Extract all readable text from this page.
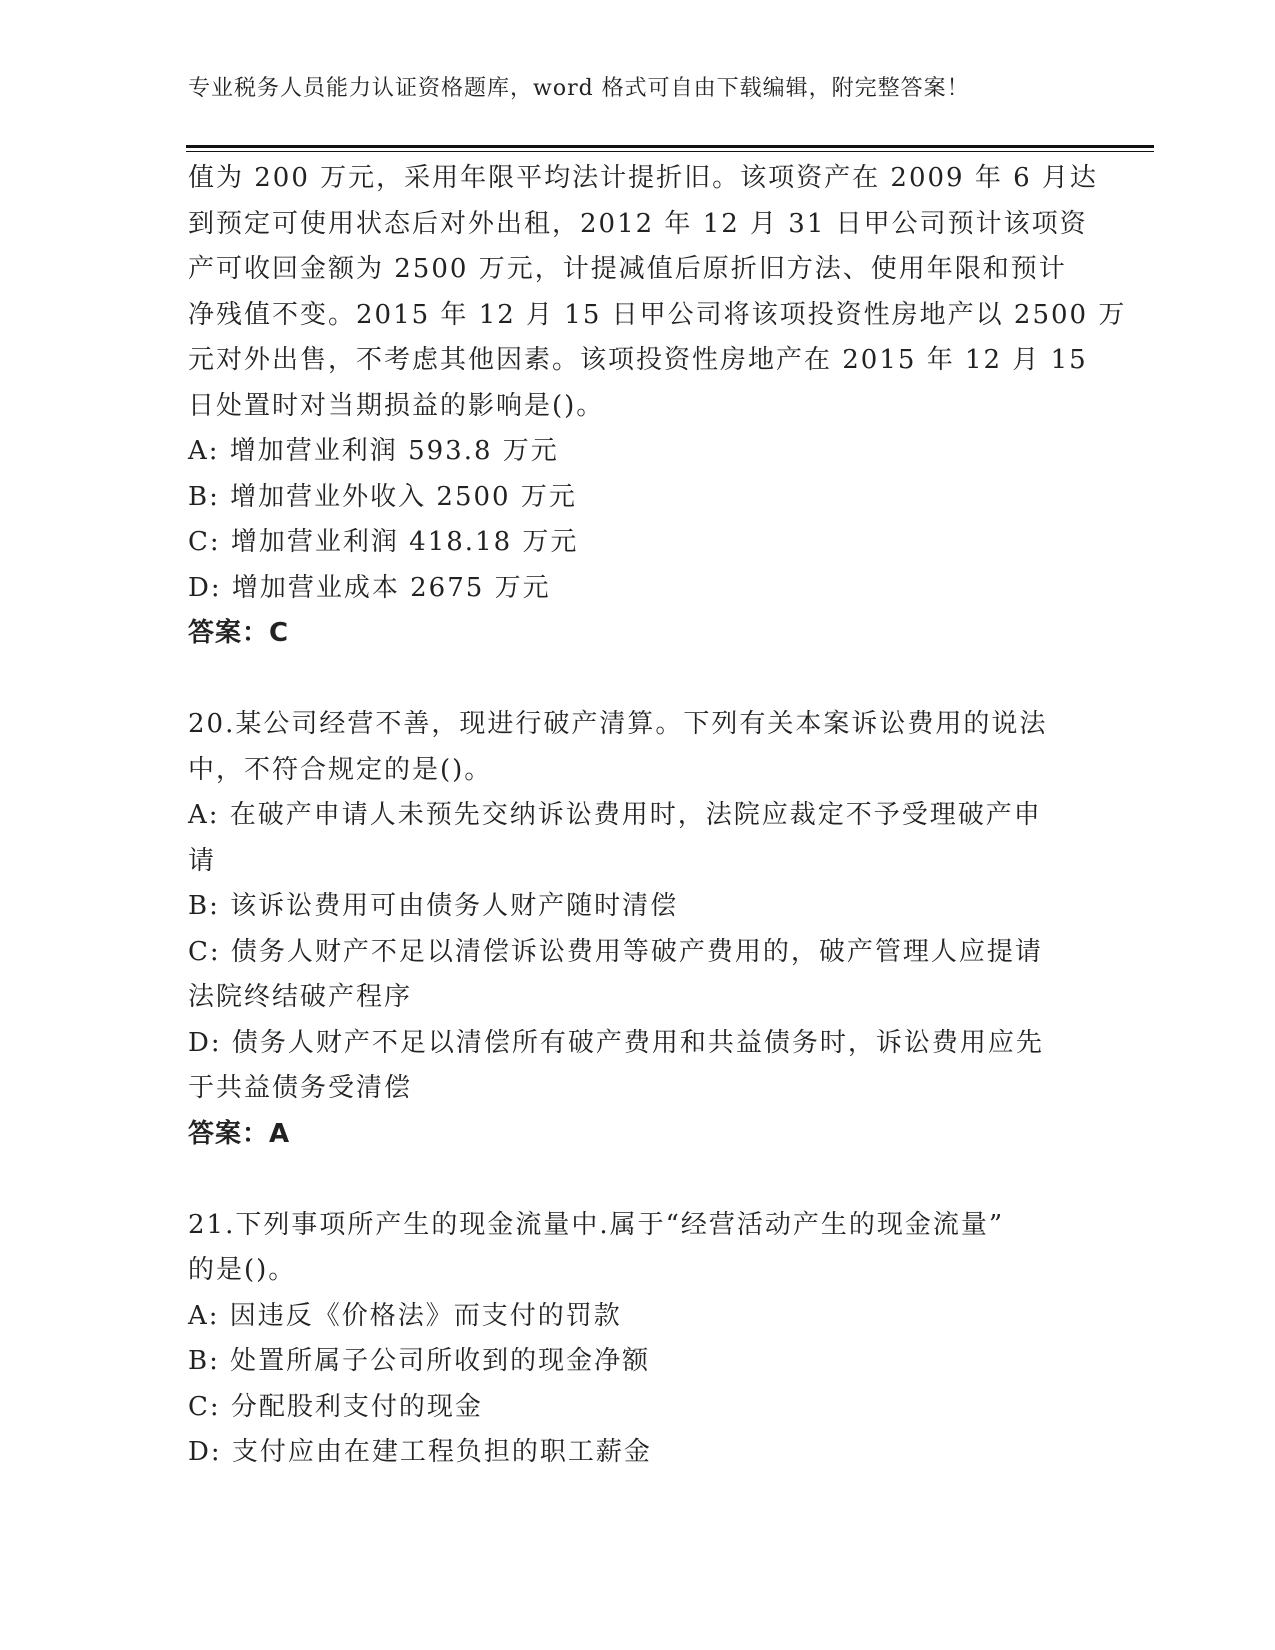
专业税务人员能力认证资格题库，word 格式可自由下载编辑，附完整答案！
值为 200 万元，采用年限平均法计提折旧。该项资产在 2009 年 6 月达
到预定可使用状态后对外出租，2012 年 12 月 31 日甲公司预计该项资
产可收回金额为 2500 万元，计提减值后原折旧方法、使用年限和预计
净残值不变。2015 年 12 月 15 日甲公司将该项投资性房地产以 2500 万
元对外出售，不考虑其他因素。该项投资性房地产在 2015 年 12 月 15
日处置时对当期损益的影响是()。
A: 增加营业利润 593.8 万元
B: 增加营业外收入 2500 万元
C: 增加营业利润 418.18 万元
D: 增加营业成本 2675 万元
答案：C
20.某公司经营不善，现进行破产清算。下列有关本案诉讼费用的说法
中，不符合规定的是()。
A: 在破产申请人未预先交纳诉讼费用时，法院应裁定不予受理破产申
请
B: 该诉讼费用可由债务人财产随时清偿
C: 债务人财产不足以清偿诉讼费用等破产费用的，破产管理人应提请
法院终结破产程序
D: 债务人财产不足以清偿所有破产费用和共益债务时，诉讼费用应先
于共益债务受清偿
答案：A
21.下列事项所产生的现金流量中.属于“经营活动产生的现金流量”
的是()。
A: 因违反《价格法》而支付的罚款
B: 处置所属子公司所收到的现金净额
C: 分配股利支付的现金
D: 支付应由在建工程负担的职工薪金
